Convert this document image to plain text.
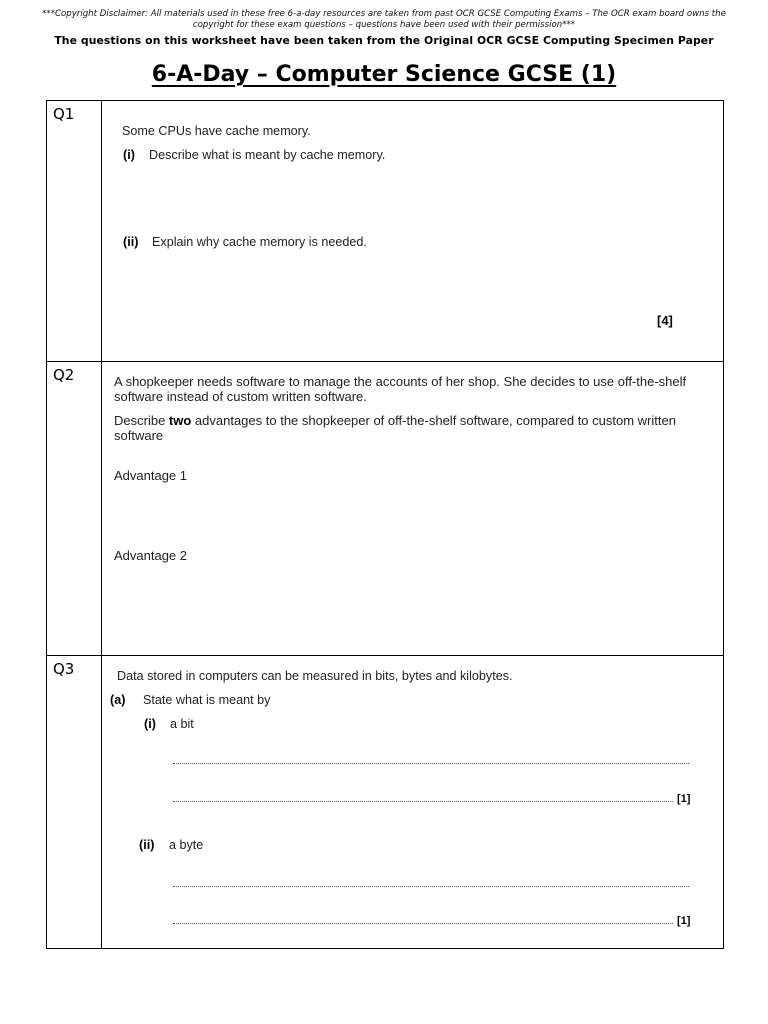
***Copyright Disclaimer: All materials used in these free 6-a-day resources are taken from past OCR GCSE Computing Exams – The OCR exam board owns the copyright for these exam questions – questions have been used with their permission***
The questions on this worksheet have been taken from the Original OCR GCSE Computing Specimen Paper
6-A-Day – Computer Science GCSE (1)
Q1
Some CPUs have cache memory.
(i) Describe what is meant by cache memory.
(ii) Explain why cache memory is needed.
[4]
Q2	A shopkeeper needs software to manage the accounts of her shop. She decides to use off-the-shelf software instead of custom written software.
Describe two advantages to the shopkeeper of off-the-shelf software, compared to custom written software
Advantage 1
Advantage 2
Q3	Data stored in computers can be measured in bits, bytes and kilobytes.
(a) State what is meant by
(i) a bit
[1]
(ii) a byte
[1]
